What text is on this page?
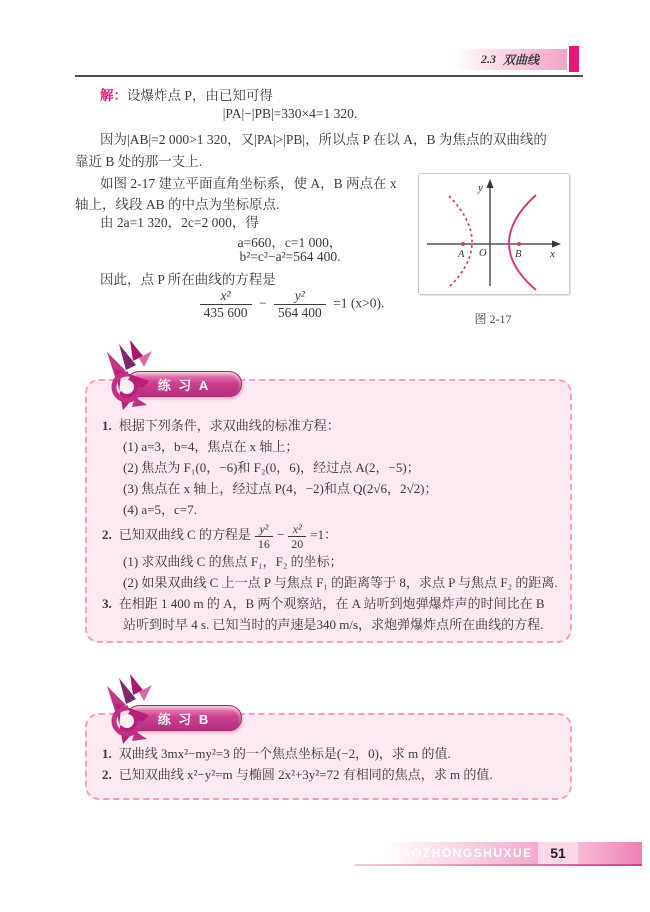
2.3 双曲线
解：设爆炸点 P，由已知可得
|PA|−|PB|=330×4=1 320.
因为|AB|=2 000>1 320，又|PA|>|PB|，所以点 P 在以 A，B 为焦点的双曲线的
靠近 B 处的那一支上.
如图 2-17 建立平面直角坐标系，使 A，B 两点在 x
轴上，线段 AB 的中点为坐标原点.
由 2a=1 320，2c=2 000，得
a=660，c=1 000，
b²=c²−a²=564 400.
因此，点 P 所在曲线的方程是
$\frac{\text{x²}}{435 600} - \frac{\text{y²}}{564 400} =1$ (x>0).
y
x
O
A	B
图 2-17
练 习 A
1. 根据下列条件，求双曲线的标准方程：
(1) a=3，b=4，焦点在 x 轴上；
(2) 焦点为 F₁(0，−6)和 F₂(0，6)，经过点 A(2，−5)；
(3) 焦点在 x 轴上，经过点 P(4，−2)和点 Q(2√6，2√2)；
(4) a=5，c=7.
2. 已知双曲线 C 的方程是 $\frac{\text{y²}}{16} - \frac{\text{x²}}{20} =1$：
(1) 求双曲线 C 的焦点 F₁，F₂ 的坐标；
(2) 如果双曲线 C 上一点 P 与焦点 F₁ 的距离等于 8，求点 P 与焦点 F₂ 的距离.
3. 在相距 1 400 m 的 A，B 两个观察站，在 A 站听到炮弹爆炸声的时间比在 B
站听到时早 4 s. 已知当时的声速是340 m/s，求炮弹爆炸点所在曲线的方程.
练 习 B
1. 双曲线 3mx²−my²=3 的一个焦点坐标是(−2，0)，求 m 的值.
2. 已知双曲线 x²−y²=m 与椭圆 2x²+3y²=72 有相同的焦点，求 m 的值.
GAOZHONGSHUXUE	51
